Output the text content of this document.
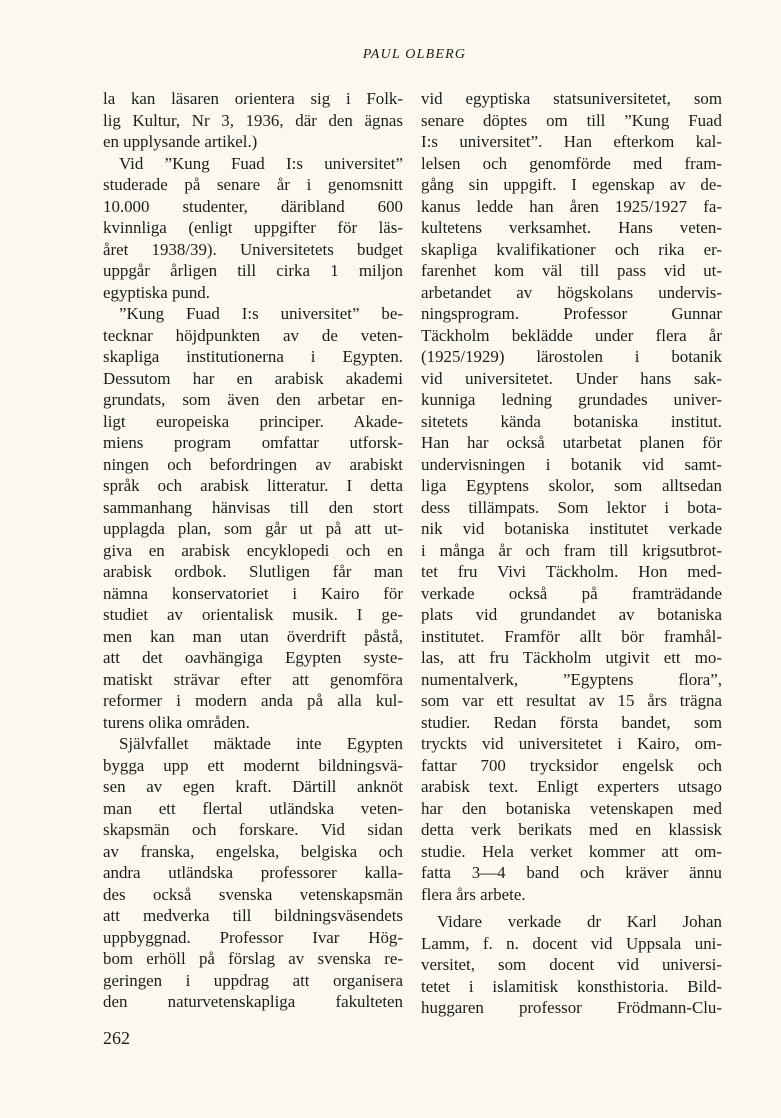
PAUL OLBERG
la kan läsaren orientera sig i Folk-
lig Kultur, Nr 3, 1936, där den ägnas
en upplysande artikel.)
Vid ”Kung Fuad I:s universitet”
studerade på senare år i genomsnitt
10.000 studenter, däribland 600
kvinnliga (enligt uppgifter för läs-
året 1938/39). Universitetets budget
uppgår årligen till cirka 1 miljon
egyptiska pund.
”Kung Fuad I:s universitet” be-
tecknar höjdpunkten av de veten-
skapliga institutionerna i Egypten.
Dessutom har en arabisk akademi
grundats, som även den arbetar en-
ligt europeiska principer. Akade-
miens program omfattar utforsk-
ningen och befordringen av arabiskt
språk och arabisk litteratur. I detta
sammanhang hänvisas till den stort
upplagda plan, som går ut på att ut-
giva en arabisk encyklopedi och en
arabisk ordbok. Slutligen får man
nämna konservatoriet i Kairo för
studiet av orientalisk musik. I ge-
men kan man utan överdrift påstå,
att det oavhängiga Egypten syste-
matiskt strävar efter att genomföra
reformer i modern anda på alla kul-
turens olika områden.
Självfallet mäktade inte Egypten
bygga upp ett modernt bildningsvä-
sen av egen kraft. Därtill anknöt
man ett flertal utländska veten-
skapsmän och forskare. Vid sidan
av franska, engelska, belgiska och
andra utländska professorer kalla-
des också svenska vetenskapsmän
att medverka till bildningsväsendets
uppbyggnad. Professor Ivar Hög-
bom erhöll på förslag av svenska re-
geringen i uppdrag att organisera
den naturvetenskapliga fakulteten
vid egyptiska statsuniversitetet, som
senare döptes om till ”Kung Fuad
I:s universitet”. Han efterkom kal-
lelsen och genomförde med fram-
gång sin uppgift. I egenskap av de-
kanus ledde han åren 1925/1927 fa-
kultetens verksamhet. Hans veten-
skapliga kvalifikationer och rika er-
farenhet kom väl till pass vid ut-
arbetandet av högskolans undervis-
ningsprogram. Professor Gunnar
Täckholm beklädde under flera år
(1925/1929) lärostolen i botanik
vid universitetet. Under hans sak-
kunniga ledning grundades univer-
sitetets kända botaniska institut.
Han har också utarbetat planen för
undervisningen i botanik vid samt-
liga Egyptens skolor, som alltsedan
dess tillämpats. Som lektor i bota-
nik vid botaniska institutet verkade
i många år och fram till krigsutbrot-
tet fru Vivi Täckholm. Hon med-
verkade också på framträdande
plats vid grundandet av botaniska
institutet. Framför allt bör framhål-
las, att fru Täckholm utgivit ett mo-
numentalverk, ”Egyptens flora”,
som var ett resultat av 15 års trägna
studier. Redan första bandet, som
tryckts vid universitetet i Kairo, om-
fattar 700 trycksidor engelsk och
arabisk text. Enligt experters utsago
har den botaniska vetenskapen med
detta verk berikats med en klassisk
studie. Hela verket kommer att om-
fatta 3—4 band och kräver ännu
flera års arbete.
Vidare verkade dr Karl Johan
Lamm, f. n. docent vid Uppsala uni-
versitet, som docent vid universi-
tetet i islamitisk konsthistoria. Bild-
huggaren professor Frödmann-Clu-
262
